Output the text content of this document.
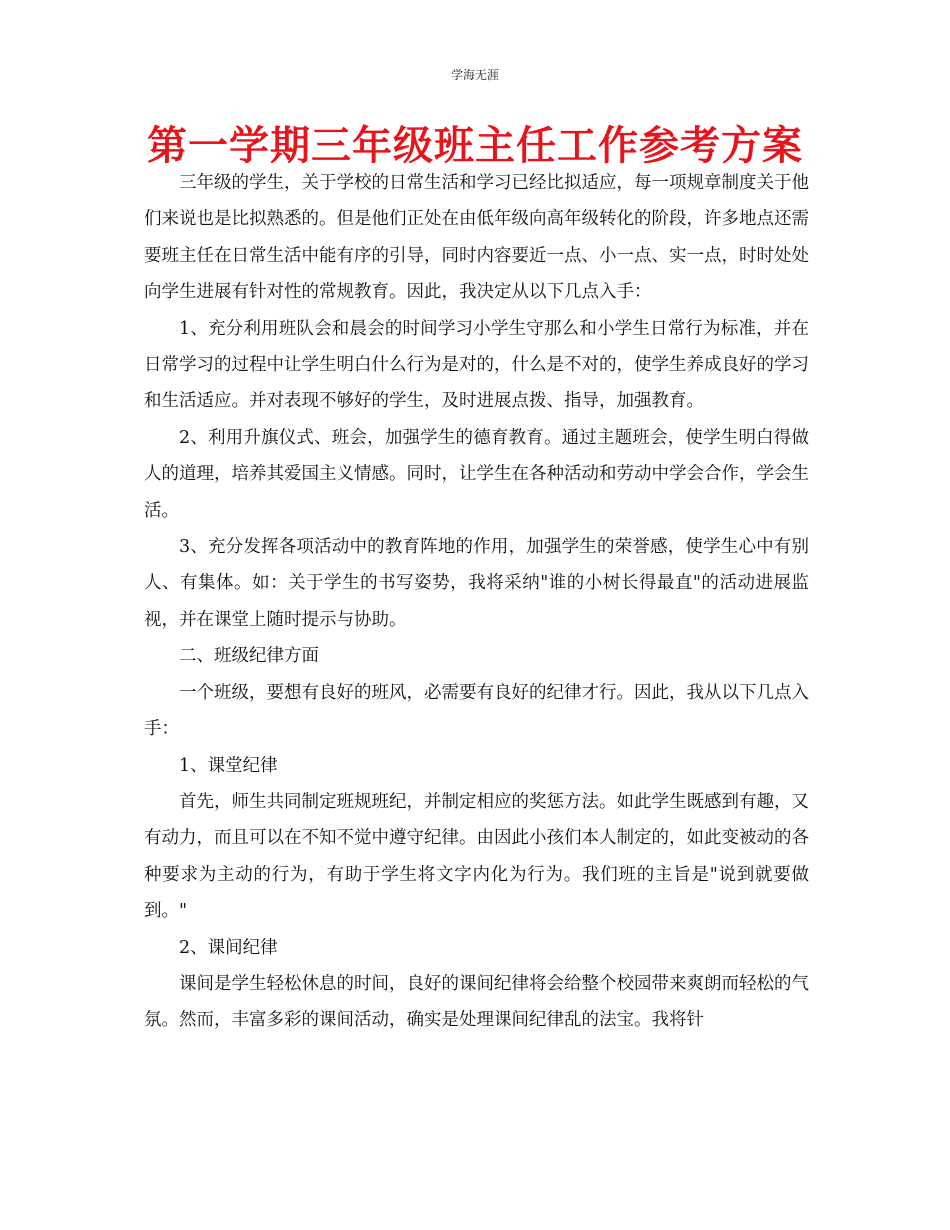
学海无涯
第一学期三年级班主任工作参考方案

三年级的学生，关于学校的日常生活和学习已经比拟适应，每一项规章制度关于他们来说也是比拟熟悉的。但是他们正处在由低年级向高年级转化的阶段，许多地点还需要班主任在日常生活中能有序的引导，同时内容要近一点、小一点、实一点，时时处处向学生进展有针对性的常规教育。因此，我决定从以下几点入手：

1、充分利用班队会和晨会的时间学习小学生守那么和小学生日常行为标准，并在日常学习的过程中让学生明白什么行为是对的，什么是不对的，使学生养成良好的学习和生活适应。并对表现不够好的学生，及时进展点拨、指导，加强教育。

2、利用升旗仪式、班会，加强学生的德育教育。通过主题班会，使学生明白得做人的道理，培养其爱国主义情感。同时，让学生在各种活动和劳动中学会合作，学会生活。

3、充分发挥各项活动中的教育阵地的作用，加强学生的荣誉感，使学生心中有别人、有集体。如：关于学生的书写姿势，我将采纳"谁的小树长得最直"的活动进展监视，并在课堂上随时提示与协助。

二、班级纪律方面

一个班级，要想有良好的班风，必需要有良好的纪律才行。因此，我从以下几点入手：

1、课堂纪律

首先，师生共同制定班规班纪，并制定相应的奖惩方法。如此学生既感到有趣，又有动力，而且可以在不知不觉中遵守纪律。由因此小孩们本人制定的，如此变被动的各种要求为主动的行为，有助于学生将文字内化为行为。我们班的主旨是"说到就要做到。"

2、课间纪律

课间是学生轻松休息的时间，良好的课间纪律将会给整个校园带来爽朗而轻松的气氛。然而，丰富多彩的课间活动，确实是处理课间纪律乱的法宝。我将针
